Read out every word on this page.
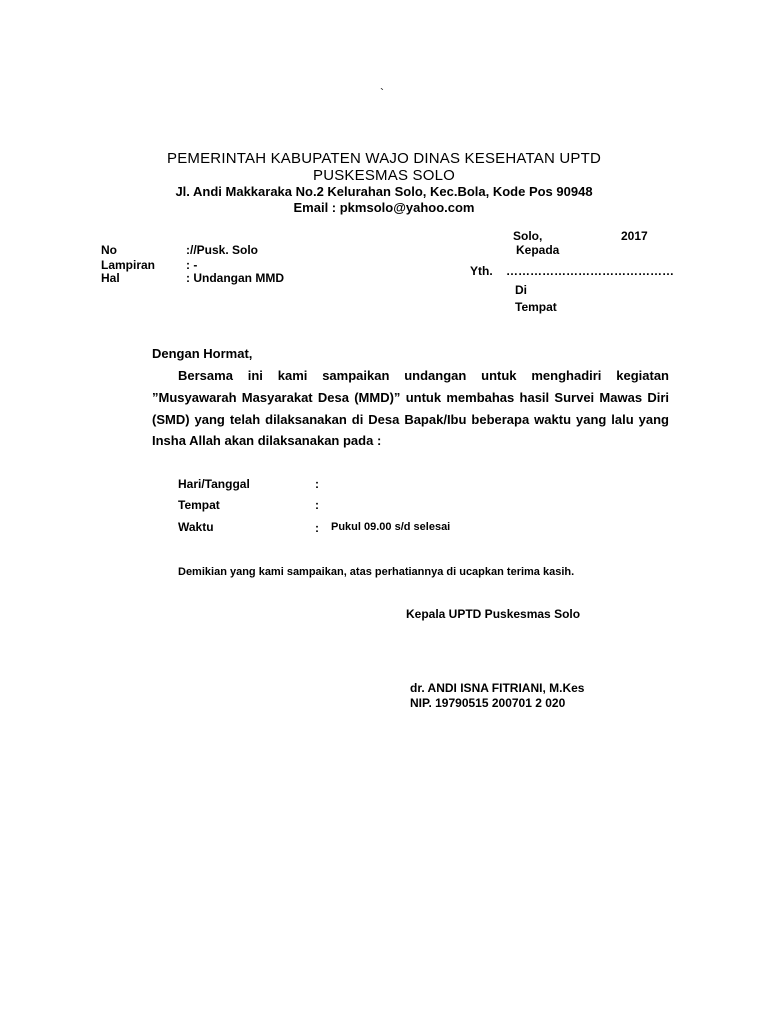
`
PEMERINTAH KABUPATEN WAJO DINAS KESEHATAN UPTD
PUSKESMAS SOLO
Jl. Andi Makkaraka No.2 Kelurahan Solo, Kec.Bola, Kode Pos 90948
Email : pkmsolo@yahoo.com
Solo,	2017
Kepada
Yth. ……………………………………
Di
Tempat
No	://Pusk. Solo
Lampiran	: -
Hal	: Undangan MMD
Dengan Hormat,
Bersama ini kami sampaikan undangan untuk menghadiri kegiatan
”Musyawarah Masyarakat Desa (MMD)” untuk membahas hasil Survei Mawas Diri
(SMD) yang telah dilaksanakan di Desa Bapak/Ibu beberapa waktu yang lalu yang
Insha Allah akan dilaksanakan pada :
Hari/Tanggal	:
Tempat	:
Waktu	: Pukul 09.00 s/d selesai
Demikian yang kami sampaikan, atas perhatiannya di ucapkan terima kasih.
Kepala UPTD Puskesmas Solo
dr. ANDI ISNA FITRIANI, M.Kes
NIP. 19790515 200701 2 020
